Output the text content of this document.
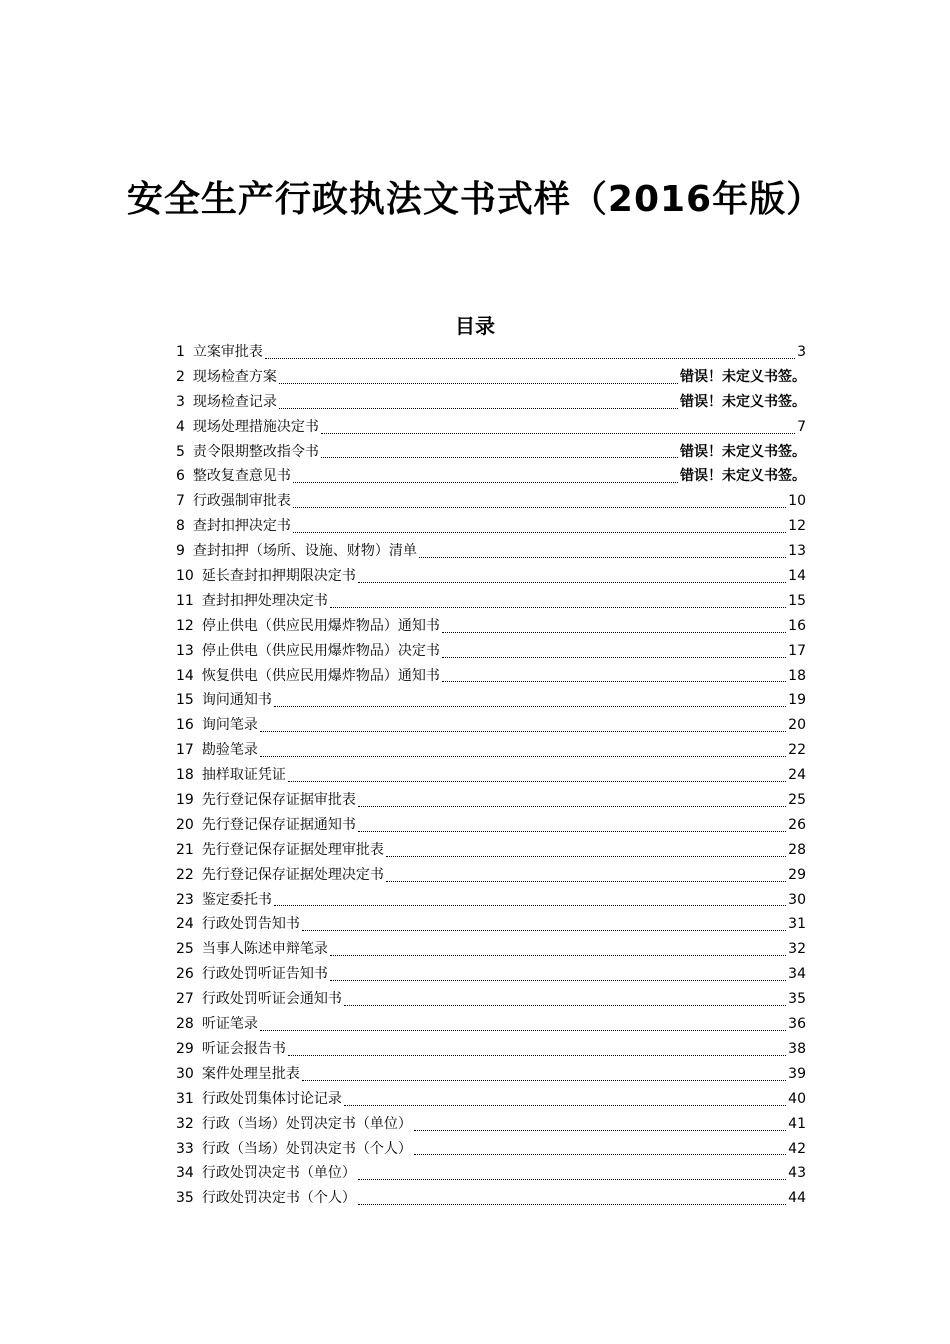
安全生产行政执法文书式样（2016年版）
目录
1 立案审批表	3
2 现场检查方案	错误！未定义书签。
3 现场检查记录	错误！未定义书签。
4 现场处理措施决定书	7
5 责令限期整改指令书	错误！未定义书签。
6 整改复查意见书	错误！未定义书签。
7 行政强制审批表	10
8 查封扣押决定书	12
9 查封扣押（场所、设施、财物）清单	13
10 延长查封扣押期限决定书	14
11 查封扣押处理决定书	15
12 停止供电（供应民用爆炸物品）通知书	16
13 停止供电（供应民用爆炸物品）决定书	17
14 恢复供电（供应民用爆炸物品）通知书	18
15 询问通知书	19
16 询问笔录	20
17 勘验笔录	22
18 抽样取证凭证	24
19 先行登记保存证据审批表	25
20 先行登记保存证据通知书	26
21 先行登记保存证据处理审批表	28
22 先行登记保存证据处理决定书	29
23 鉴定委托书	30
24 行政处罚告知书	31
25 当事人陈述申辩笔录	32
26 行政处罚听证告知书	34
27 行政处罚听证会通知书	35
28 听证笔录	36
29 听证会报告书	38
30 案件处理呈批表	39
31 行政处罚集体讨论记录	40
32 行政（当场）处罚决定书（单位）	41
33 行政（当场）处罚决定书（个人）	42
34 行政处罚决定书（单位）	43
35 行政处罚决定书（个人）	44
